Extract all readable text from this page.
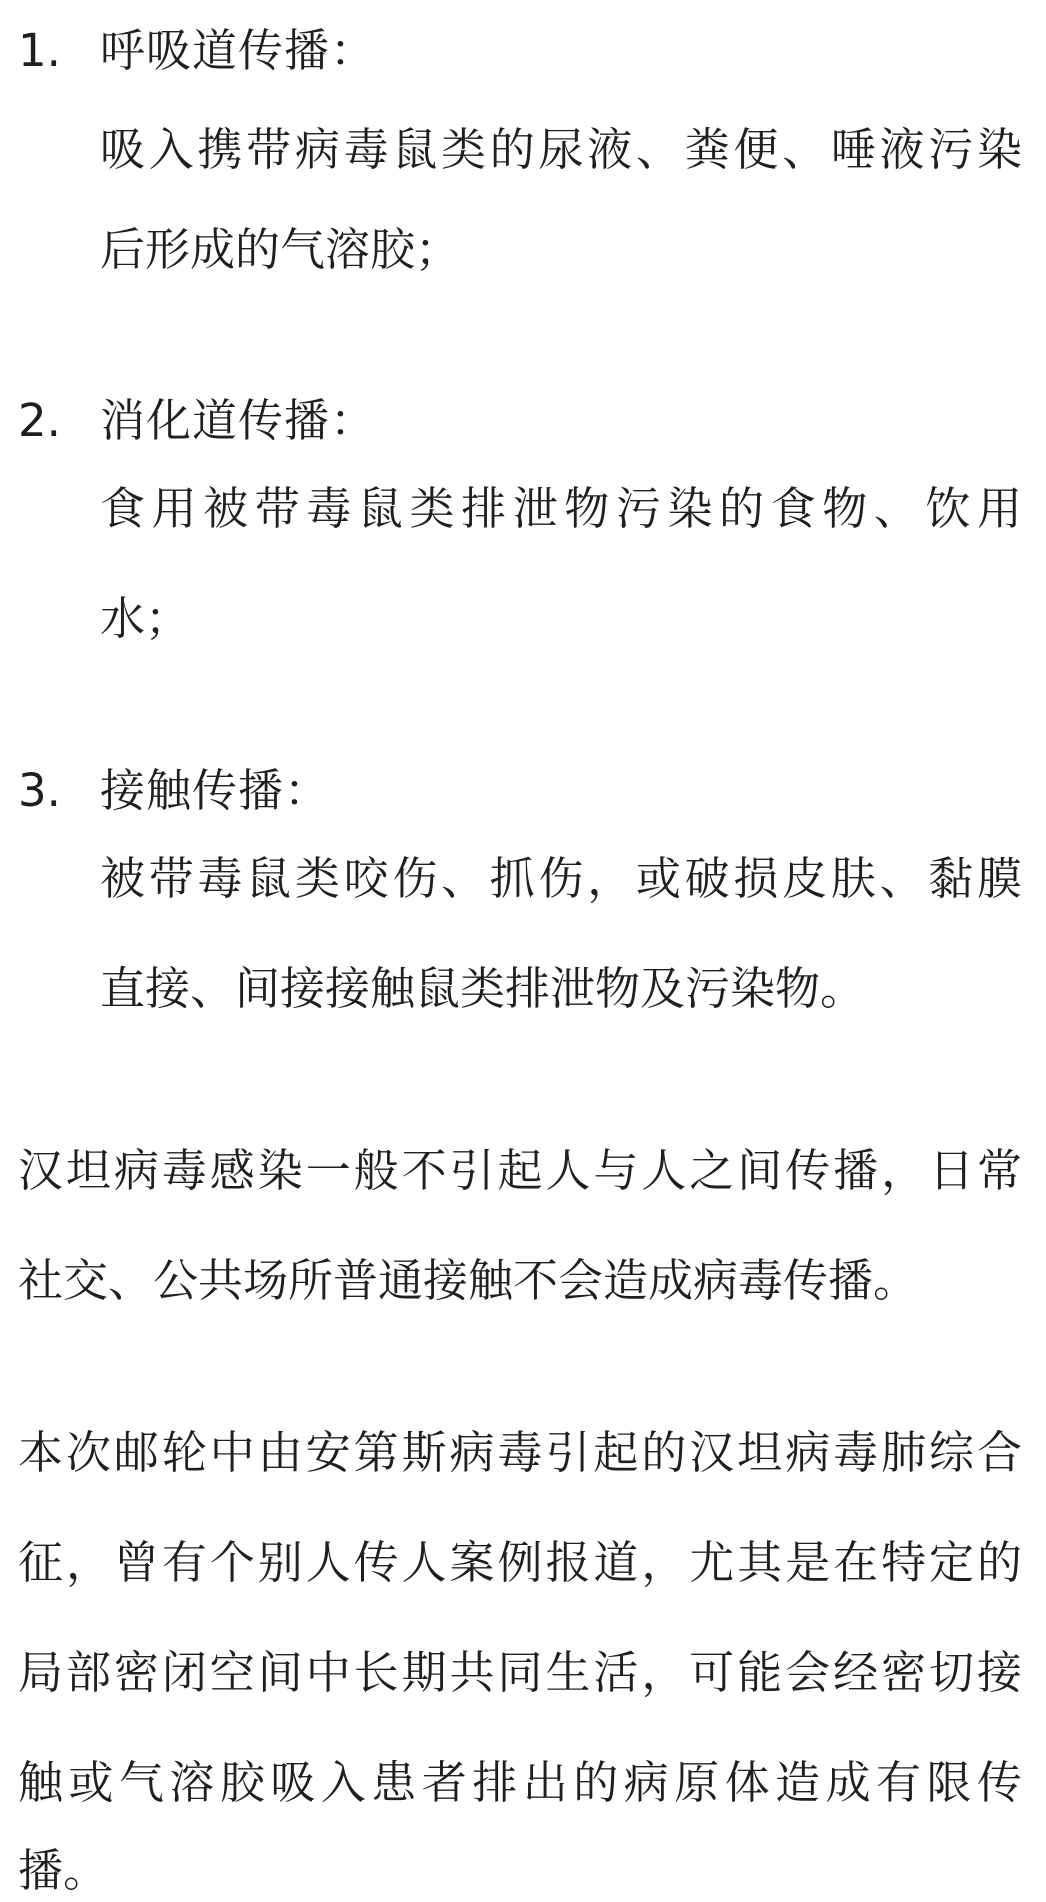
1. 呼吸道传播：
吸入携带病毒鼠类的尿液、粪便、唾液污染
后形成的气溶胶；
2. 消化道传播：
食用被带毒鼠类排泄物污染的食物、饮用
水；
3. 接触传播：
被带毒鼠类咬伤、抓伤，或破损皮肤、黏膜
直接、间接接触鼠类排泄物及污染物。
汉坦病毒感染一般不引起人与人之间传播，日常
社交、公共场所普通接触不会造成病毒传播。
本次邮轮中由安第斯病毒引起的汉坦病毒肺综合
征，曾有个别人传人案例报道，尤其是在特定的
局部密闭空间中长期共同生活，可能会经密切接
触或气溶胶吸入患者排出的病原体造成有限传
播。
